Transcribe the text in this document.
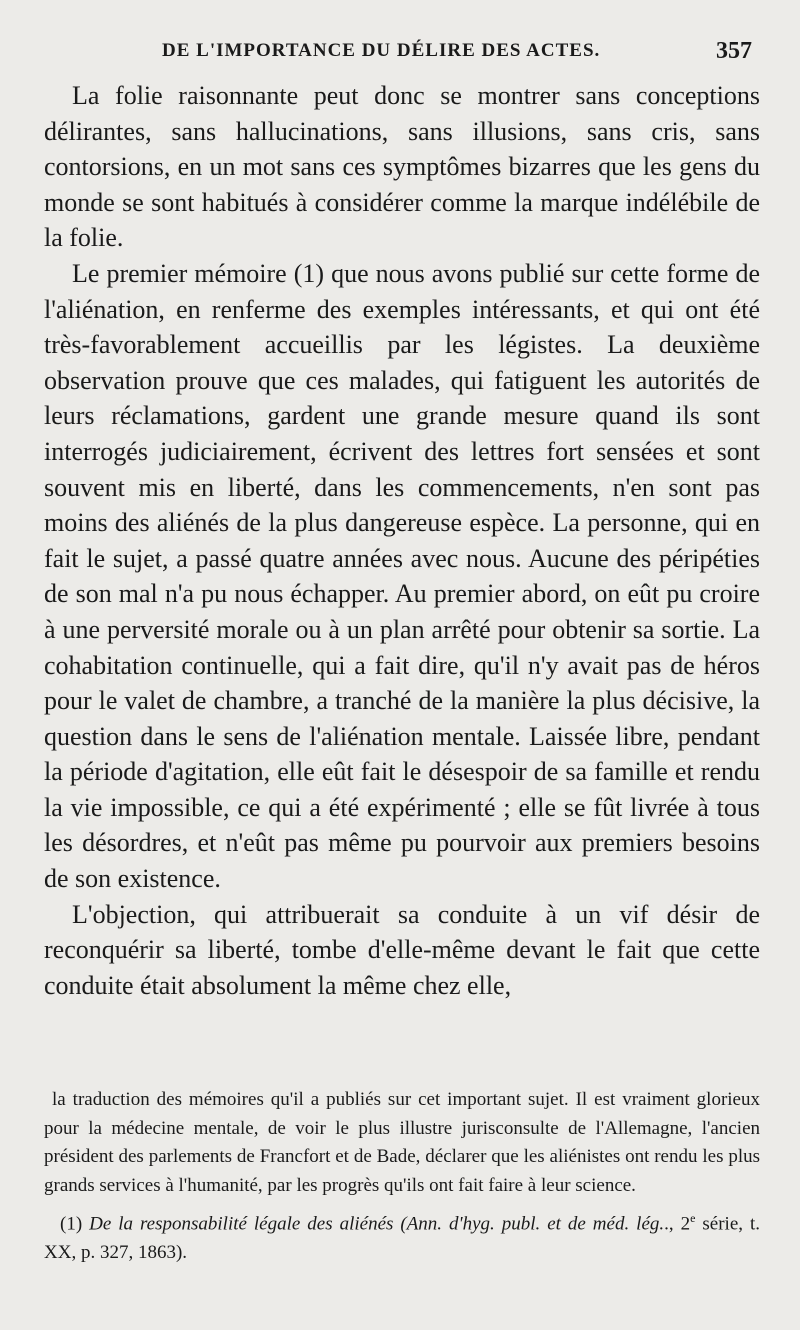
DE L'IMPORTANCE DU DÉLIRE DES ACTES.	357

La folie raisonnante peut donc se montrer sans conceptions délirantes, sans hallucinations, sans illusions, sans cris, sans contorsions, en un mot sans ces symptômes bizarres que les gens du monde se sont habitués à considérer comme la marque indélébile de la folie.

Le premier mémoire (1) que nous avons publié sur cette forme de l'aliénation, en renferme des exemples intéressants, et qui ont été très-favorablement accueillis par les légistes. La deuxième observation prouve que ces malades, qui fatiguent les autorités de leurs réclamations, gardent une grande mesure quand ils sont interrogés judiciairement, écrivent des lettres fort sensées et sont souvent mis en liberté, dans les commencements, n'en sont pas moins des aliénés de la plus dangereuse espèce. La personne, qui en fait le sujet, a passé quatre années avec nous. Aucune des péripéties de son mal n'a pu nous échapper. Au premier abord, on eût pu croire à une perversité morale ou à un plan arrêté pour obtenir sa sortie. La cohabitation continuelle, qui a fait dire, qu'il n'y avait pas de héros pour le valet de chambre, a tranché de la manière la plus décisive, la question dans le sens de l'aliénation mentale. Laissée libre, pendant la période d'agitation, elle eût fait le désespoir de sa famille et rendu la vie impossible, ce qui a été expérimenté ; elle se fût livrée à tous les désordres, et n'eût pas même pu pourvoir aux premiers besoins de son existence.

L'objection, qui attribuerait sa conduite à un vif désir de reconquérir sa liberté, tombe d'elle-même devant le fait que cette conduite était absolument la même chez elle,

la traduction des mémoires qu'il a publiés sur cet important sujet. Il est vraiment glorieux pour la médecine mentale, de voir le plus illustre jurisconsulte de l'Allemagne, l'ancien président des parlements de Francfort et de Bade, déclarer que les aliénistes ont rendu les plus grands services à l'humanité, par les progrès qu'ils ont fait faire à leur science.

(1) De la responsabilité légale des aliénés (Ann. d'hyg. publ. et de méd. lég.., 2e série, t. XX, p. 327, 1863).
